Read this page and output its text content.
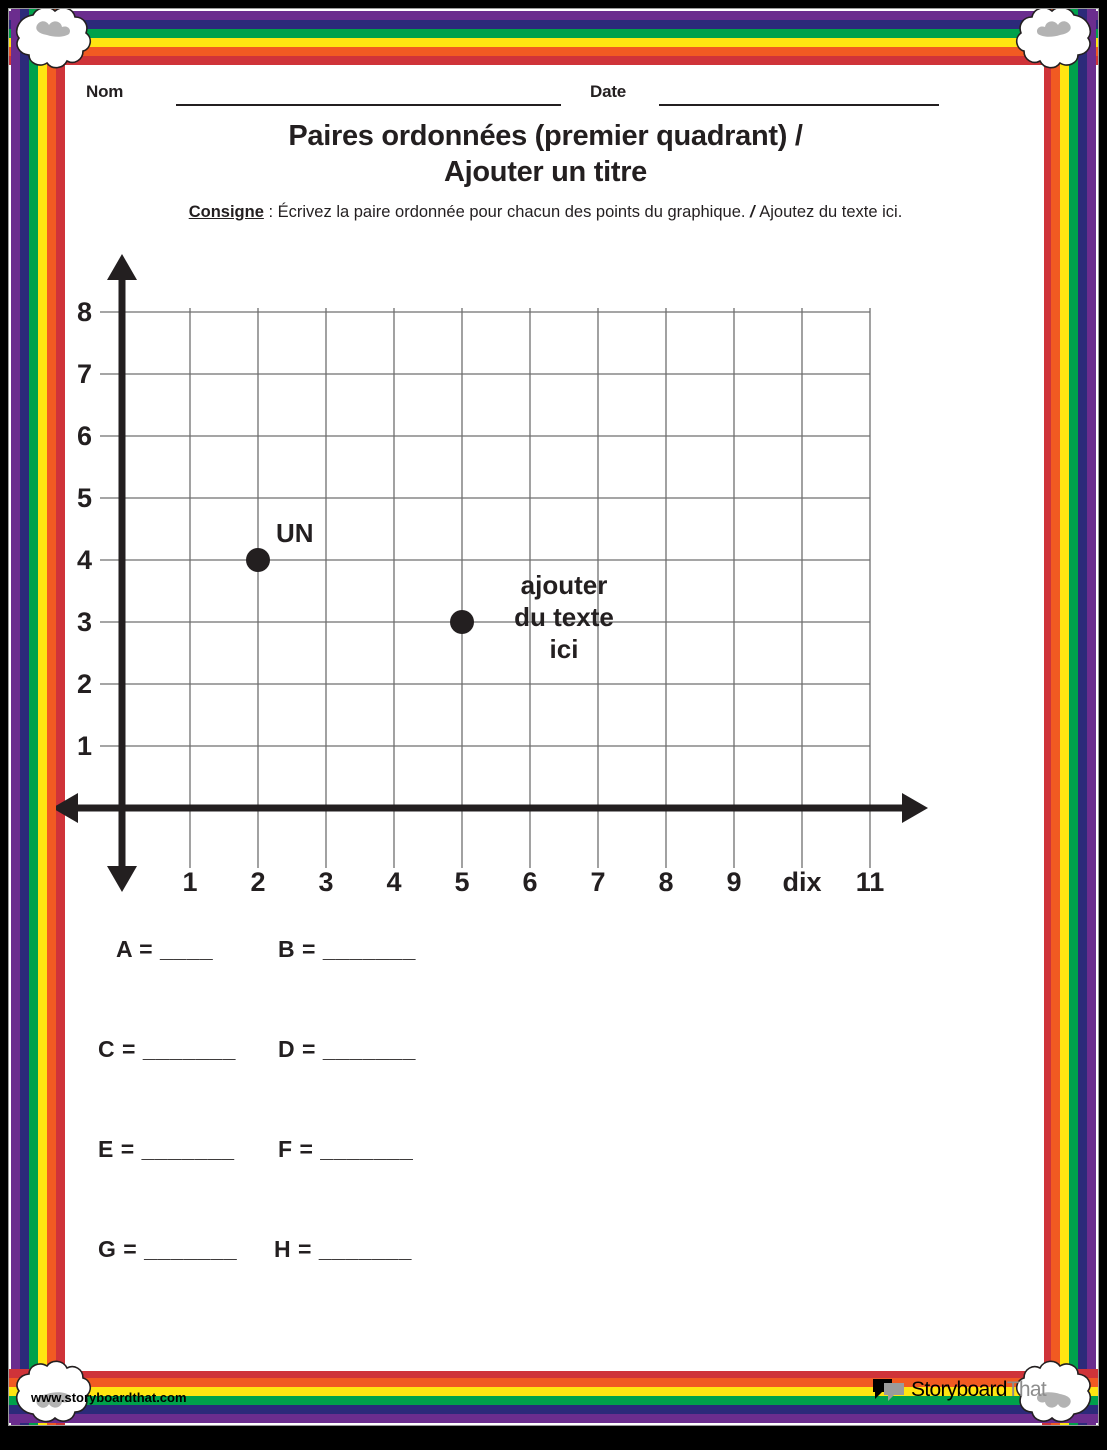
www.storyboardthat.com	StoryboardThat
Nom	Date
Paires ordonnées (premier quadrant) /
Ajouter un titre
Consigne : Écrivez la paire ordonnée pour chacun des points du graphique. / Ajoutez du texte ici.
1
2
3
4
5
6
7
8
1 2 3 4 5 6 7 8 9 dix 11
UN
ajouter du texte ici
A = ____	B = _______
C = _______ D = _______
E = _______ F = _______
G = _______ H = _______
